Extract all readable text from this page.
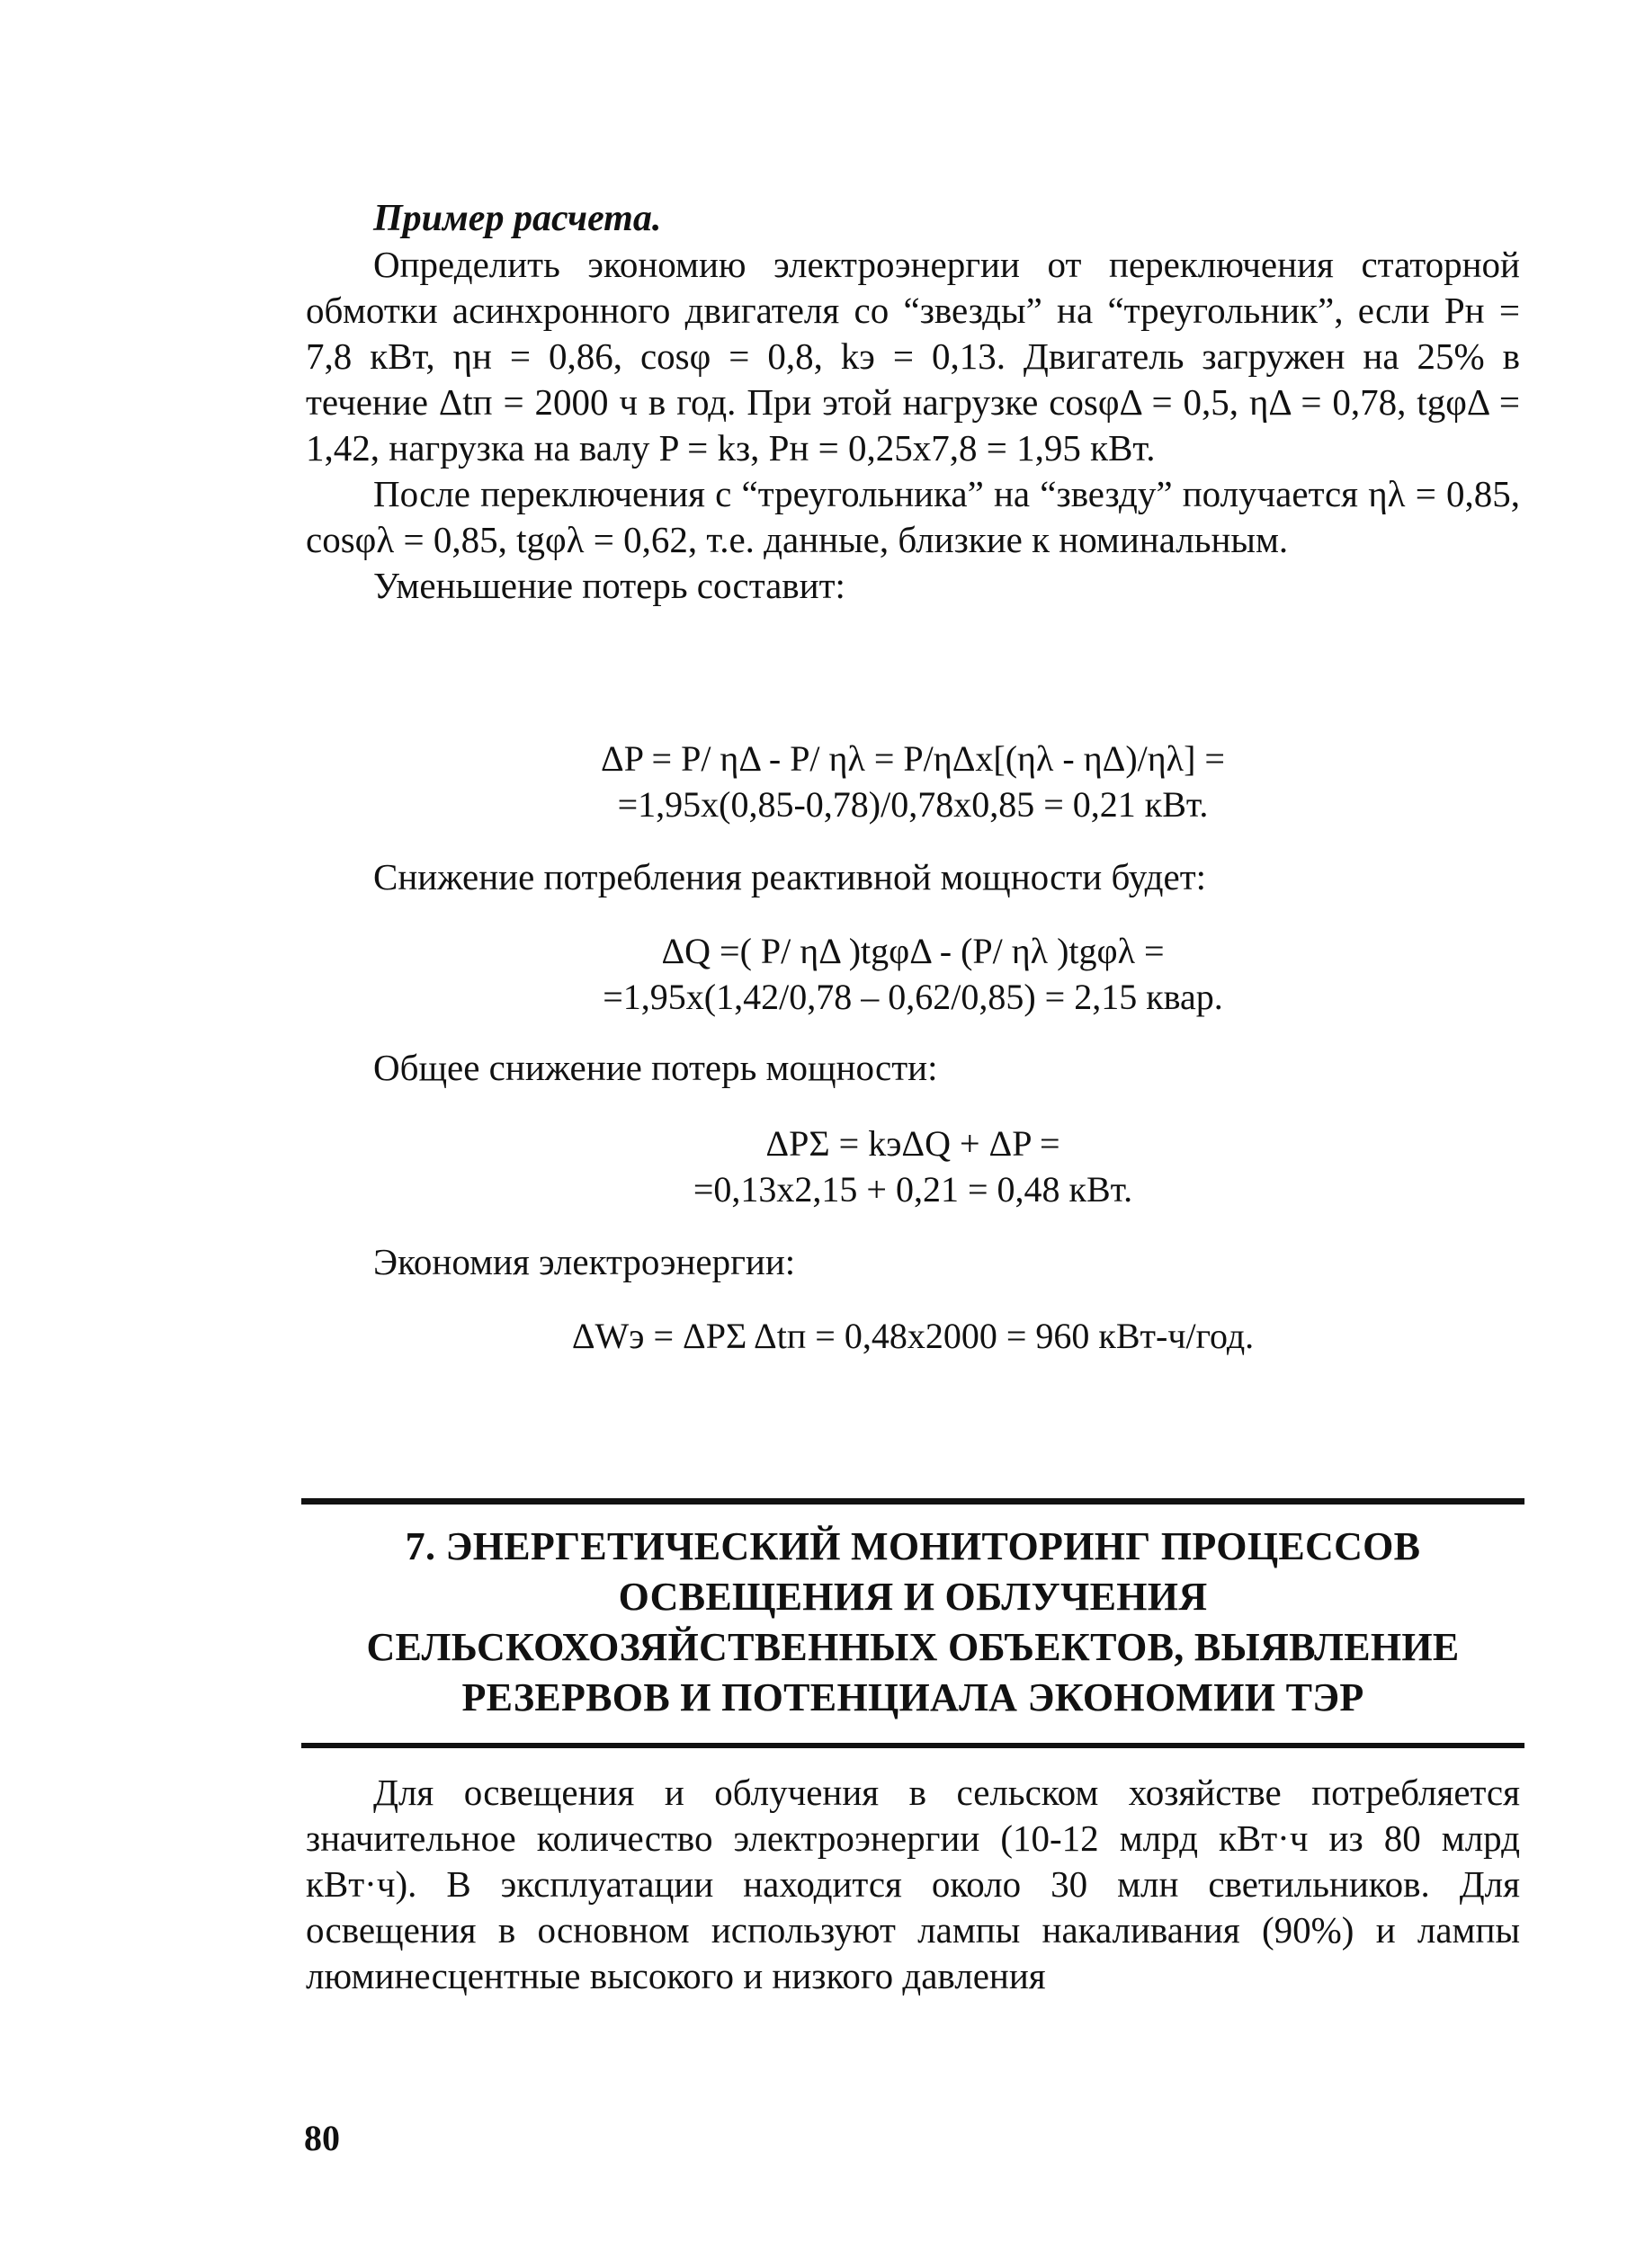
Пример расчета.

Определить экономию электроэнергии от переключения статорной обмотки асинхронного двигателя со “звезды” на “треугольник”, если Pн = 7,8 кВт, ηн = 0,86, cosφ = 0,8, kэ = 0,13. Двигатель загружен на 25% в течение Δtп = 2000 ч в год. При этой нагрузке cosφΔ = 0,5, ηΔ = 0,78, tgφΔ = 1,42, нагрузка на валу P = kз, Pн = 0,25х7,8 = 1,95 кВт.

После переключения с “треугольника” на “звезду” получается ηλ = 0,85, cosφλ = 0,85, tgφλ = 0,62, т.е. данные, близкие к номинальным.

Уменьшение потерь составит:

ΔP = P/ ηΔ - P/ ηλ = P/ηΔx[(ηλ - ηΔ)/ηλ] =

=1,95x(0,85-0,78)/0,78x0,85 = 0,21 кВт.

Снижение потребления реактивной мощности будет:

ΔQ =( P/ ηΔ )tgφΔ - (P/ ηλ )tgφλ =

=1,95x(1,42/0,78 – 0,62/0,85) = 2,15 квар.

Общее снижение потерь мощности:

ΔPΣ = kэΔQ + ΔP =

=0,13x2,15 + 0,21 = 0,48 кВт.

Экономия электроэнергии:

ΔWэ = ΔPΣ Δtп = 0,48x2000 = 960 кВт-ч/год.

7. ЭНЕРГЕТИЧЕСКИЙ МОНИТОРИНГ ПРОЦЕССОВ
ОСВЕЩЕНИЯ И ОБЛУЧЕНИЯ
СЕЛЬСКОХОЗЯЙСТВЕННЫХ ОБЪЕКТОВ, ВЫЯВЛЕНИЕ
РЕЗЕРВОВ И ПОТЕНЦИАЛА ЭКОНОМИИ ТЭР

Для освещения и облучения в сельском хозяйстве потребляется значительное количество электроэнергии (10-12 млрд кВт·ч из 80 млрд кВт·ч). В эксплуатации находится около 30 млн светильников. Для освещения в основном используют лампы накаливания (90%) и лампы люминесцентные высокого и низкого давления

80
